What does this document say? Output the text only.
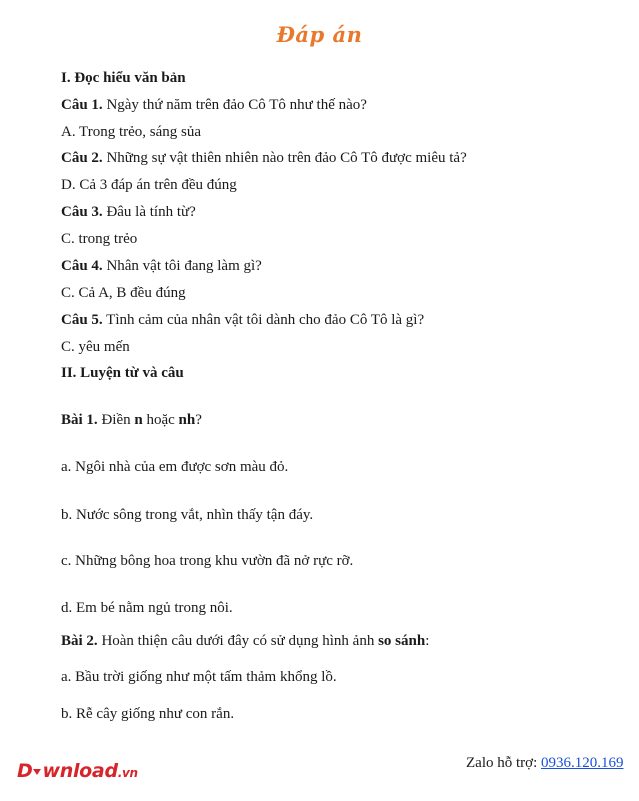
Đáp án
I. Đọc hiểu văn bản
Câu 1. Ngày thứ năm trên đảo Cô Tô như thế nào?
A. Trong trẻo, sáng sủa
Câu 2. Những sự vật thiên nhiên nào trên đảo Cô Tô được miêu tả?
D. Cả 3 đáp án trên đều đúng
Câu 3. Đâu là tính từ?
C. trong trẻo
Câu 4. Nhân vật tôi đang làm gì?
C. Cả A, B đều đúng
Câu 5. Tình cảm của nhân vật tôi dành cho đảo Cô Tô là gì?
C. yêu mến
II. Luyện từ và câu
Bài 1. Điền n hoặc nh?
a. Ngôi nhà của em được sơn màu đỏ.
b. Nước sông trong vắt, nhìn thấy tận đáy.
c. Những bông hoa trong khu vườn đã nở rực rỡ.
d. Em bé nằm ngủ trong nôi.
Bài 2. Hoàn thiện câu dưới đây có sử dụng hình ảnh so sánh:
a. Bầu trời giống như một tấm thảm khổng lồ.
b. Rễ cây giống như con rắn.
D wnload.vn
Zalo hỗ trợ: 0936.120.169
